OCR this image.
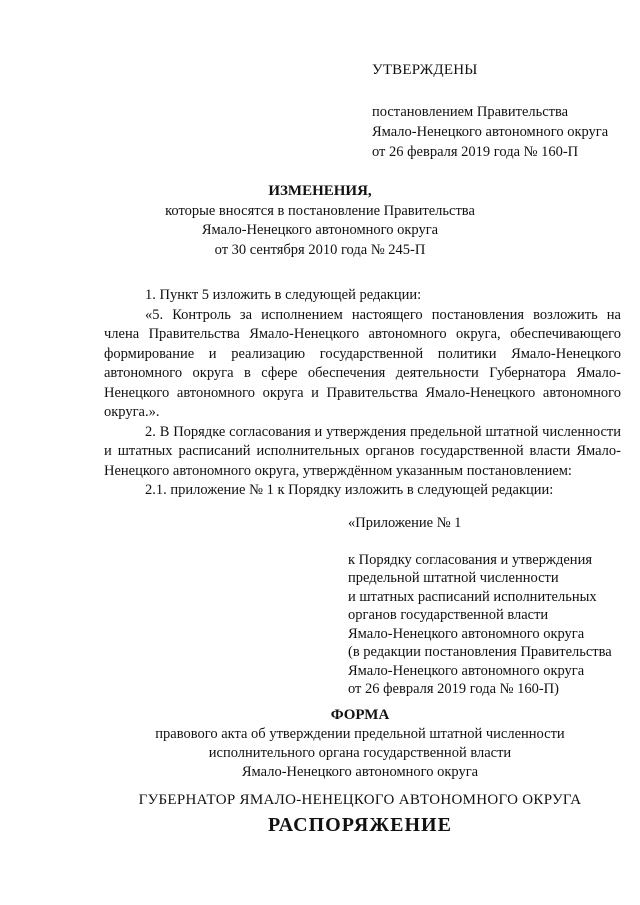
УТВЕРЖДЕНЫ
постановлением Правительства
Ямало-Ненецкого автономного округа
от 26 февраля 2019 года № 160-П
ИЗМЕНЕНИЯ,
которые вносятся в постановление Правительства
Ямало-Ненецкого автономного округа
от 30 сентября 2010 года № 245-П

1. Пункт 5 изложить в следующей редакции:

«5. Контроль за исполнением настоящего постановления возложить на члена Правительства Ямало-Ненецкого автономного округа, обеспечивающего формирование и реализацию государственной политики Ямало-Ненецкого автономного округа в сфере обеспечения деятельности Губернатора Ямало-Ненецкого автономного округа и Правительства Ямало-Ненецкого автономного округа.».

2. В Порядке согласования и утверждения предельной штатной численности и штатных расписаний исполнительных органов государственной власти Ямало-Ненецкого автономного округа, утверждённом указанным постановлением:

2.1. приложение № 1 к Порядку изложить в следующей редакции:

«Приложение № 1
к Порядку согласования и утверждения
предельной штатной численности
и штатных расписаний исполнительных
органов государственной власти
Ямало-Ненецкого автономного округа
(в редакции постановления Правительства
Ямало-Ненецкого автономного округа
от 26 февраля 2019 года № 160-П)
ФОРМА
правового акта об утверждении предельной штатной численности
исполнительного органа государственной власти
Ямало-Ненецкого автономного округа
ГУБЕРНАТОР ЯМАЛО-НЕНЕЦКОГО АВТОНОМНОГО ОКРУГА
РАСПОРЯЖЕНИЕ
